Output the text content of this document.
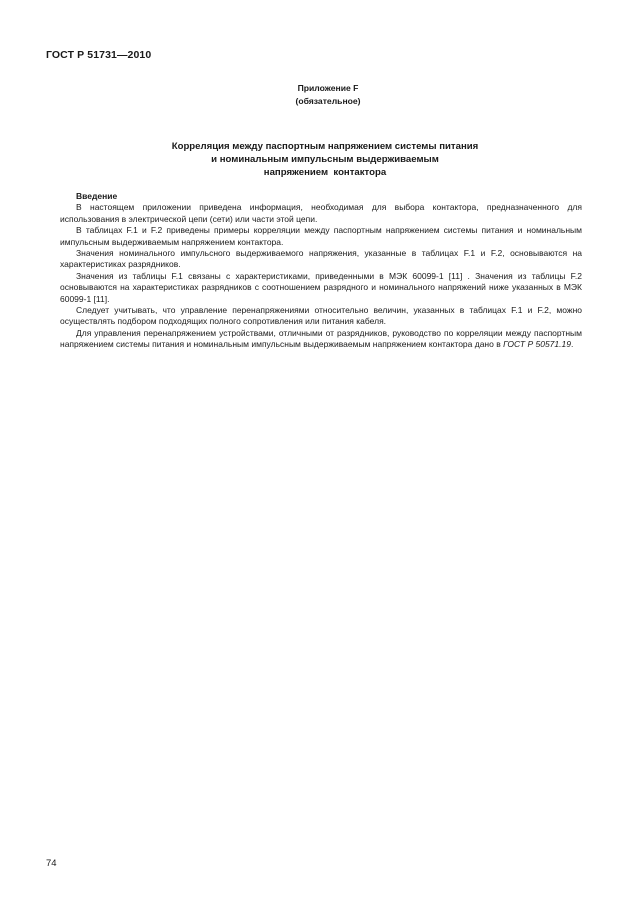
ГОСТ Р 51731—2010
Приложение F
(обязательное)
Корреляция между паспортным напряжением системы питания
и номинальным импульсным выдерживаемым
напряжением  контактора
Введение

В настоящем приложении приведена информация, необходимая для выбора контактора, предназначенного для использования в электрической цепи (сети) или части этой цепи.

В таблицах F.1 и F.2 приведены примеры корреляции между паспортным напряжением системы питания и номинальным импульсным выдерживаемым напряжением контактора.

Значения номинального импульсного выдерживаемого напряжения, указанные в таблицах F.1 и F.2, основываются на характеристиках разрядников.

Значения из таблицы F.1 связаны с характеристиками, приведенными в МЭК 60099-1 [11] . Значения из таблицы F.2 основываются на характеристиках разрядников с соотношением разрядного и номинального напряжений ниже указанных в МЭК 60099-1 [11].

Следует учитывать, что управление перенапряжениями относительно величин, указанных в таблицах F.1 и F.2, можно осуществлять подбором подходящих полного сопротивления или питания кабеля.

Для управления перенапряжением устройствами, отличными от разрядников, руководство по корреляции между паспортным напряжением системы питания и номинальным импульсным выдерживаемым напряжением контактора дано в ГОСТ Р 50571.19.

74
